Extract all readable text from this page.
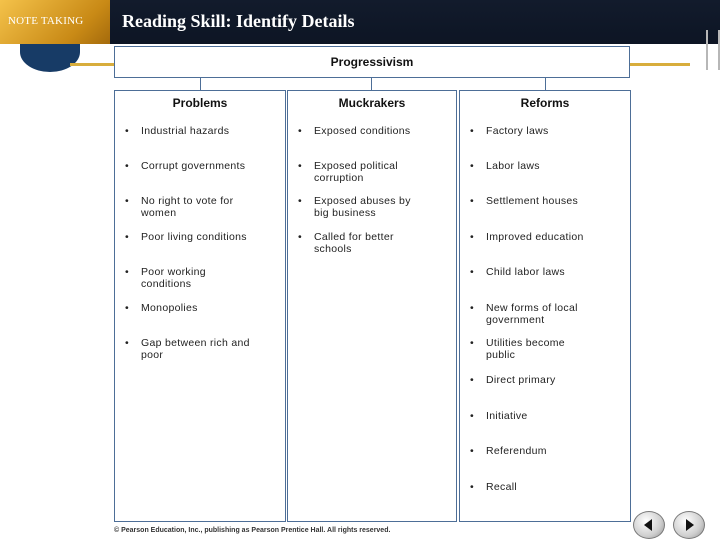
NOTE TAKING Reading Skill: Identify Details
Progressivism
Problems
• Industrial hazards
• Corrupt governments
• No right to vote for
women
• Poor living conditions
• Poor working
conditions
• Monopolies
• Gap between rich and
poor
Muckrakers
• Exposed conditions
• Exposed political
corruption
• Exposed abuses by
big business
• Called for better
schools
Reforms
• Factory laws
• Labor laws
• Settlement houses
• Improved education
• Child labor laws
• New forms of local
government
• Utilities become
public
• Direct primary
• Initiative
• Referendum
• Recall
© Pearson Education, Inc., publishing as Pearson Prentice Hall. All rights reserved.
